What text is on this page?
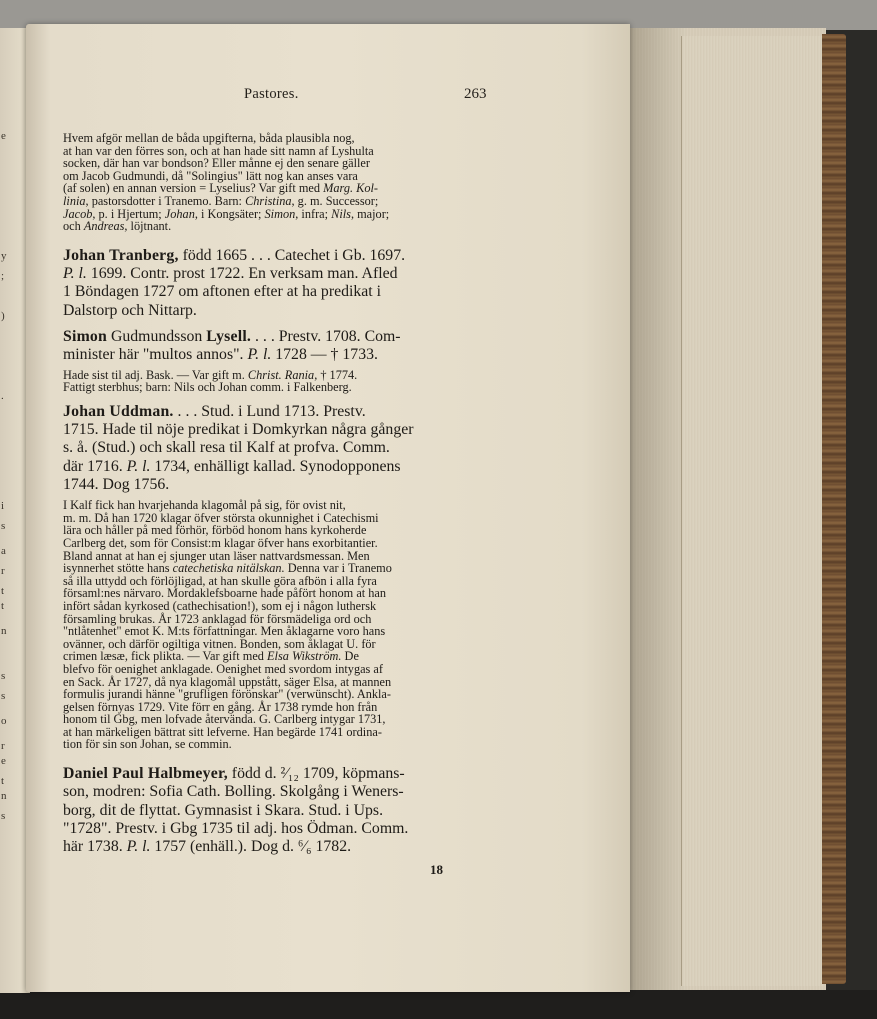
e
y
;
)
.
i
s
a
r
t
t
n
s
s
o
r
e
t
n
s
Pastores.	263
Hvem afgör mellan de båda upgifterna, båda plausibla nog,
at han var den förres son, och at han hade sitt namn af Lyshulta
socken, där han var bondson? Eller månne ej den senare gäller
om Jacob Gudmundi, då "Solingius" lätt nog kan anses vara
(af solen) en annan version = Lyselius? Var gift med Marg. Kol-
linia, pastorsdotter i Tranemo. Barn: Christina, g. m. Successor;
Jacob, p. i Hjertum; Johan, i Kongsäter; Simon, infra; Nils, major;
och Andreas, löjtnant.
Johan Tranberg, född 1665 . . . Catechet i Gb. 1697.
P. l. 1699. Contr. prost 1722. En verksam man. Afled
1 Böndagen 1727 om aftonen efter at ha predikat i
Dalstorp och Nittarp.
Simon Gudmundsson Lysell. . . . Prestv. 1708. Com-
minister här "multos annos". P. l. 1728 — † 1733.
Hade sist til adj. Bask. — Var gift m. Christ. Rania, † 1774.
Fattigt sterbhus; barn: Nils och Johan comm. i Falkenberg.
Johan Uddman. . . . Stud. i Lund 1713. Prestv.
1715. Hade til nöje predikat i Domkyrkan några gånger
s. å. (Stud.) och skall resa til Kalf at profva. Comm.
där 1716. P. l. 1734, enhälligt kallad. Synodopponens
1744. Dog 1756.
I Kalf fick han hvarjehanda klagomål på sig, för ovist nit,
m. m. Då han 1720 klagar öfver största okunnighet i Catechismi
lära och håller på med förhör, förböd honom hans kyrkoherde
Carlberg det, som för Consist:m klagar öfver hans exorbitantier.
Bland annat at han ej sjunger utan läser nattvardsmessan. Men
isynnerhet stötte hans catechetiska nitälskan. Denna var i Tranemo
så illa uttydd och förlöjligad, at han skulle göra afbön i alla fyra
församl:nes närvaro. Mordaklefsboarne hade påfört honom at han
infört sådan kyrkosed (cathechisation!), som ej i någon luthersk
församling brukas. År 1723 anklagad för försmädeliga ord och
"ntlåtenhet" emot K. M:ts författningar. Men åklagarne voro hans
ovänner, och därför ogiltiga vitnen. Bonden, som åklagat U. för
crimen læsæ, fick plikta. — Var gift med Elsa Wikström. De
blefvo för oenighet anklagade. Oenighet med svordom intygas af
en Sack. År 1727, då nya klagomål uppstått, säger Elsa, at mannen
formulis jurandi hänne "grufligen förönskar" (verwünscht). Ankla-
gelsen förnyas 1729. Vite förr en gång. År 1738 rymde hon från
honom til Gbg, men lofvade återvända. G. Carlberg intygar 1731,
at han märkeligen bättrat sitt lefverne. Han begärde 1741 ordina-
tion för sin son Johan, se commin.
Daniel Paul Halbmeyer, född d. ²⁄₁₂ 1709, köpmans-
son, modren: Sofia Cath. Bolling. Skolgång i Weners-
borg, dit de flyttat. Gymnasist i Skara. Stud. i Ups.
"1728". Prestv. i Gbg 1735 til adj. hos Ödman. Comm.
här 1738. P. l. 1757 (enhäll.). Dog d. ⁶⁄₆ 1782.
18
